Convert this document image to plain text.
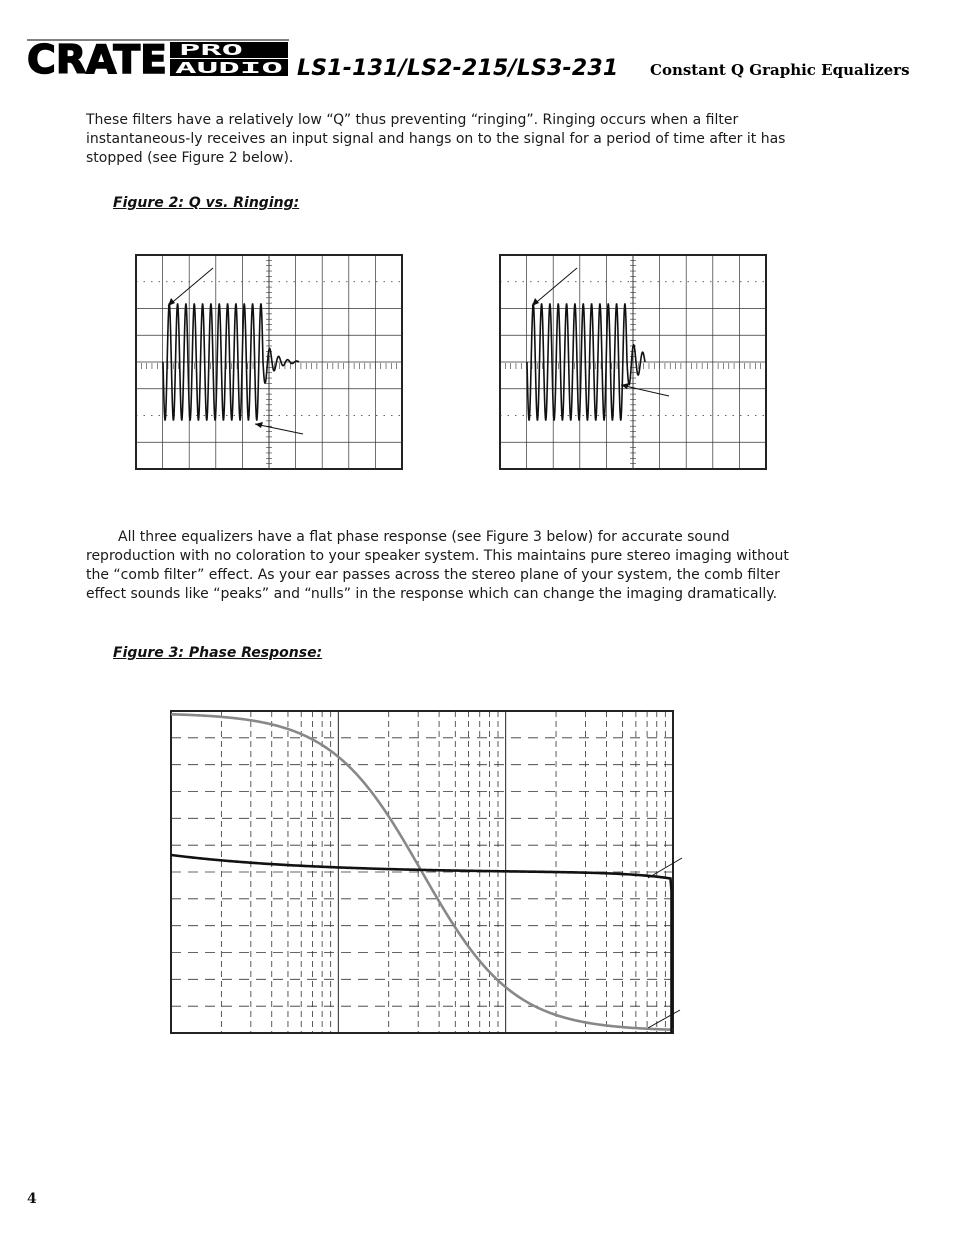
CRATE PRO
AUDIO LS1-131/LS2-215/LS3-231 Constant Q Graphic Equalizers

These filters have a relatively low “Q” thus preventing “ringing”. Ringing occurs when a filter instantaneous-ly receives an input signal and hangs on to the signal for a period of time after it has stopped (see Figure 2 below).

Figure 2: Q vs. Ringing:

All three equalizers have a flat phase response (see Figure 3 below) for accurate sound reproduction with no coloration to your speaker system. This maintains pure stereo imaging without the “comb filter” effect. As your ear passes across the stereo plane of your system, the comb filter effect sounds like “peaks” and “nulls” in the response which can change the imaging dramatically.

Figure 3: Phase Response:
4
